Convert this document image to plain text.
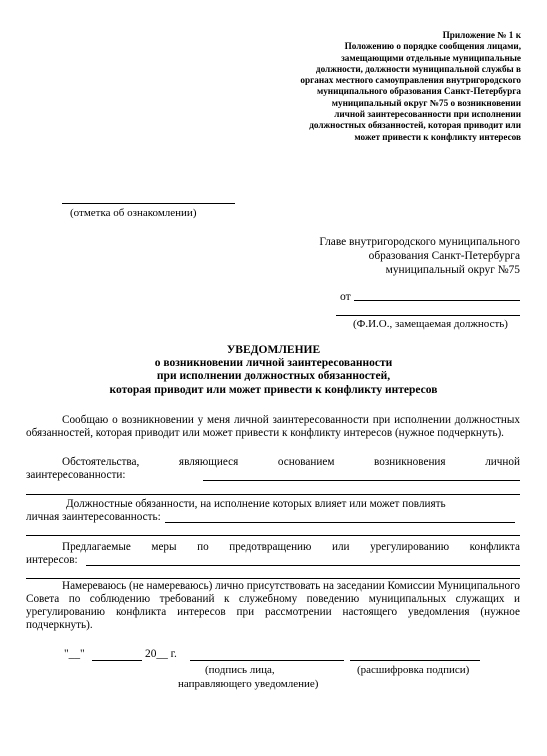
Приложение № 1 к
Положению о порядке сообщения лицами,
замещающими отдельные муниципальные
должности, должности муниципальной службы в
органах местного самоуправления внутригородского
муниципального образования Санкт-Петербурга
муниципальный округ №75 о возникновении
личной заинтересованности при исполнении
должностных обязанностей, которая приводит или
может привести к конфликту интересов
(отметка об ознакомлении)
Главе внутригородского муниципального
образования Санкт-Петербурга
муниципальный округ №75
от
(Ф.И.О., замещаемая должность)
УВЕДОМЛЕНИЕ
о возникновении личной заинтересованности
при исполнении должностных обязанностей,
которая приводит или может привести к конфликту интересов
Сообщаю о возникновении у меня личной заинтересованности при исполнении должностных обязанностей, которая приводит или может привести к конфликту интересов (нужное подчеркнуть).
Обстоятельства,	являющиеся	основанием	возникновения	личной
заинтересованности:
Должностные обязанности, на исполнение которых влияет или может повлиять
личная заинтересованность:
Предлагаемые меры по предотвращению или урегулированию конфликта
интересов:
Намереваюсь (не намереваюсь) лично присутствовать на заседании Комиссии Муниципального Совета по соблюдению требований к служебному поведению муниципальных служащих и урегулированию конфликта интересов при рассмотрении настоящего уведомления (нужное подчеркнуть).
"__"	20__ г.
(подпись лица,
направляющего уведомление)
(расшифровка подписи)
